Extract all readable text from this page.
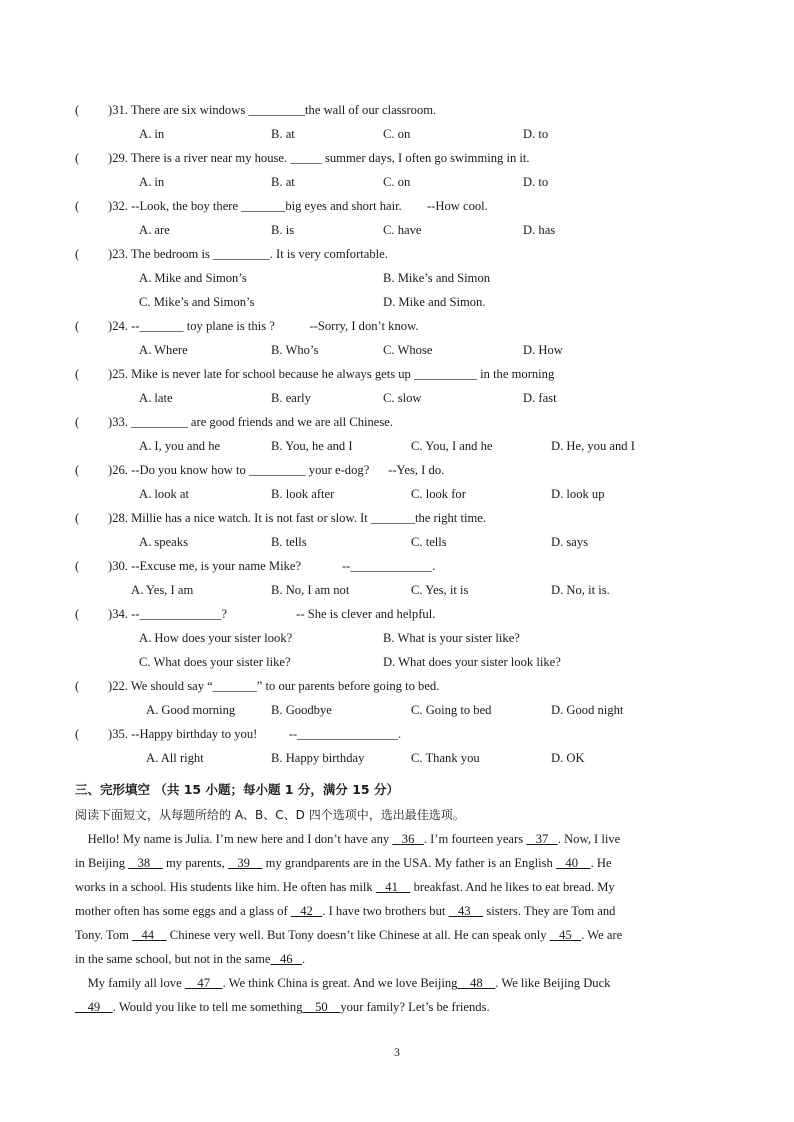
( )31. There are six windows _________the wall of our classroom.
A. in	B. at	C. on	D. to
( )29. There is a river near my house. _____ summer days, I often go swimming in it.
A. in	B. at	C. on	D. to
( )32. --Look, the boy there _______big eyes and short hair.        --How cool.
A. are	B. is	C. have	D. has
( )23. The bedroom is _________. It is very comfortable.
A. Mike and Simon’s	B. Mike’s and Simon
C. Mike’s and Simon’s	D. Mike and Simon.
( )24. --_______ toy plane is this ?           --Sorry, I don’t know.
A. Where	B. Who’s	C. Whose	D. How
( )25. Mike is never late for school because he always gets up __________ in the morning
A. late	B. early	C. slow	D. fast
( )33. _________ are good friends and we are all Chinese.
A. I, you and he	B. You, he and I	C. You, I and he	D. He, you and I
( )26. --Do you know how to _________ your e-dog?      --Yes, I do.
A. look at	B. look after	C. look for	D. look up
( )28. Millie has a nice watch. It is not fast or slow. It _______the right time.
A. speaks	B. tells	C. tells	D. says
( )30. --Excuse me, is your name Mike?             --_____________.
A. Yes, I am	B. No, I am not	C. Yes, it is	D. No, it is.
( )34. --_____________?                      -- She is clever and helpful.
A. How does your sister look?	B. What is your sister like?
C. What does your sister like?	D. What does your sister look like?
( )22. We should say “_______” to our parents before going to bed.
A. Good morning	B. Goodbye	C. Going to bed	D. Good night
( )35. --Happy birthday to you!          --________________.
A. All right	B. Happy birthday	C. Thank you	D. OK
三、完形填空 （共 15 小题；每小题 1 分，满分 15 分）
阅读下面短文，从每题所给的 A、B、C、D 四个选项中，选出最佳选项。
Hello! My name is Julia. I’m new here and I don’t have any    36   . I’m fourteen years    37   . Now, I live
in Beijing    38     my parents,    39     my grandparents are in the USA. My father is an English    40    . He
works in a school. His students like him. He often has milk    41     breakfast. And he likes to eat bread. My
mother often has some eggs and a glass of    42   . I have two brothers but    43     sisters. They are Tom and
Tony. Tom    44     Chinese very well. But Tony doesn’t like Chinese at all. He can speak only    45   . We are
in the same school, but not in the same   46   .
My family all love     47    . We think China is great. And we love Beijing    48    . We like Beijing Duck
49    . Would you like to tell me something    50    your family? Let’s be friends.
3
